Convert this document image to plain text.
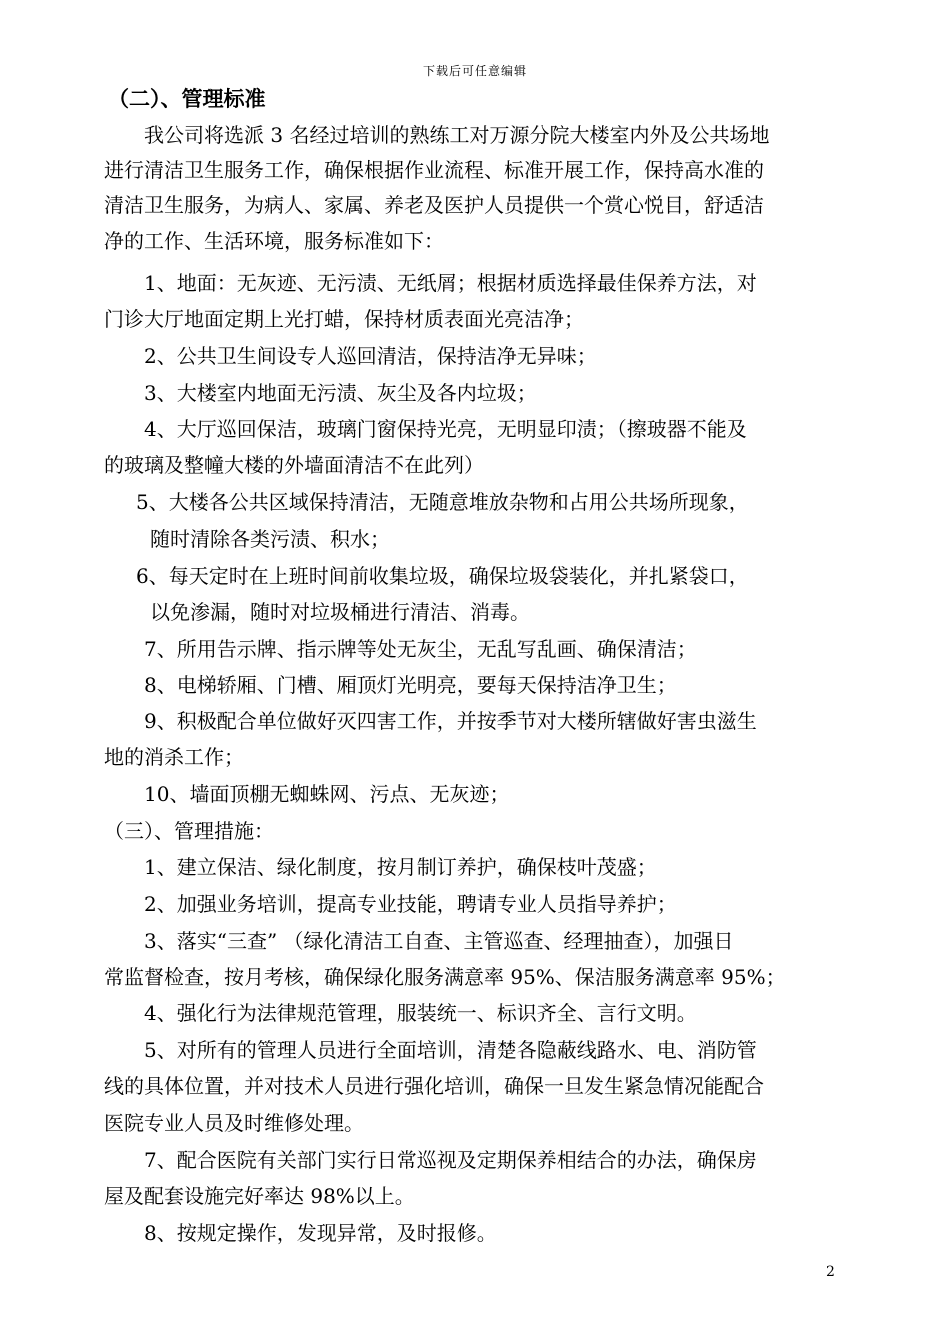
下载后可任意编辑
（二）、管理标准
我公司将选派 3 名经过培训的熟练工对万源分院大楼室内外及公共场地
进行清洁卫生服务工作，确保根据作业流程、标准开展工作，保持高水准的
清洁卫生服务，为病人、家属、养老及医护人员提供一个赏心悦目，舒适洁
净的工作、生活环境，服务标准如下：
1、地面：无灰迹、无污渍、无纸屑；根据材质选择最佳保养方法，对
门诊大厅地面定期上光打蜡，保持材质表面光亮洁净；
2、公共卫生间设专人巡回清洁，保持洁净无异味；
3、大楼室内地面无污渍、灰尘及各内垃圾；
4、大厅巡回保洁，玻璃门窗保持光亮，无明显印渍；（擦玻器不能及
的玻璃及整幢大楼的外墙面清洁不在此列）
5、大楼各公共区域保持清洁，无随意堆放杂物和占用公共场所现象，
随时清除各类污渍、积水；
6、每天定时在上班时间前收集垃圾，确保垃圾袋装化，并扎紧袋口，
以免渗漏，随时对垃圾桶进行清洁、消毒。
7、所用告示牌、指示牌等处无灰尘，无乱写乱画、确保清洁；
8、电梯轿厢、门槽、厢顶灯光明亮，要每天保持洁净卫生；
9、积极配合单位做好灭四害工作，并按季节对大楼所辖做好害虫滋生
地的消杀工作；
10、墙面顶棚无蜘蛛网、污点、无灰迹；
（三）、管理措施：
1、建立保洁、绿化制度，按月制订养护，确保枝叶茂盛；
2、加强业务培训，提高专业技能，聘请专业人员指导养护；
3、落实“三查” （绿化清洁工自查、主管巡查、经理抽查），加强日
常监督检查，按月考核，确保绿化服务满意率 95%、保洁服务满意率 95%；
4、强化行为法律规范管理，服装统一、标识齐全、言行文明。
5、对所有的管理人员进行全面培训，清楚各隐蔽线路水、电、消防管
线的具体位置，并对技术人员进行强化培训，确保一旦发生紧急情况能配合
医院专业人员及时维修处理。
7、配合医院有关部门实行日常巡视及定期保养相结合的办法，确保房
屋及配套设施完好率达 98%以上。
8、按规定操作，发现异常，及时报修。
2
